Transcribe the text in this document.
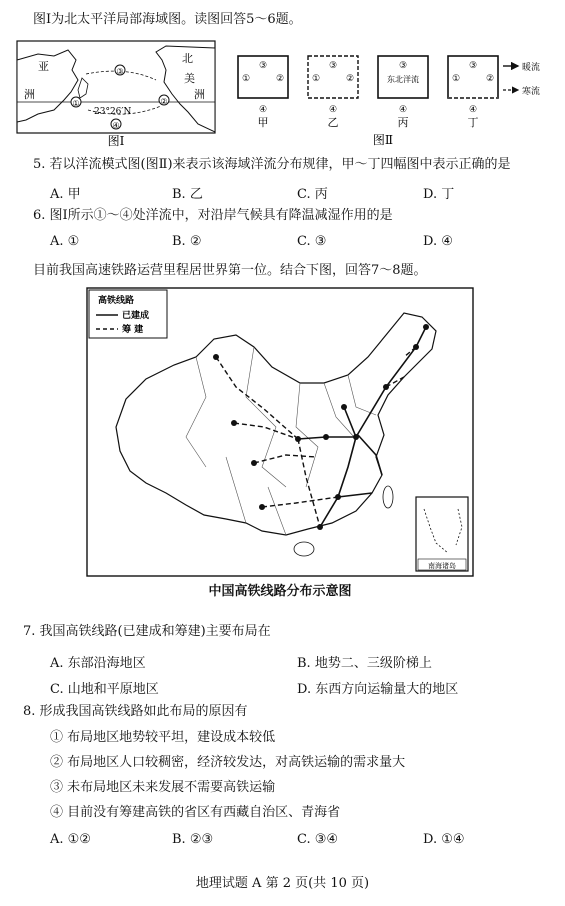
图Ⅰ为北太平洋局部海域图。读图回答5～6题。
①	②
③
④
亚
洲
北
美
洲
23°26′N
图Ⅰ
③
①	②
④
甲
③
①	②
④
乙
③
东北洋流
④
丙
③
①	②
④
丁
暖流
寒流
图Ⅱ
5. 若以洋流模式图(图Ⅱ)来表示该海域洋流分布规律，甲～丁四幅图中表示正确的是
A. 甲	B. 乙	C. 丙	D. 丁
6. 图Ⅰ所示①～④处洋流中，对沿岸气候具有降温减湿作用的是
A. ①	B. ②	C. ③	D. ④
目前我国高速铁路运营里程居世界第一位。结合下图，回答7～8题。
高铁线路
已建成
筹 建
南海诸岛
中国高铁线路分布示意图
7. 我国高铁线路(已建成和筹建)主要布局在
A. 东部沿海地区	B. 地势二、三级阶梯上
C. 山地和平原地区	D. 东西方向运输量大的地区
8. 形成我国高铁线路如此布局的原因有
① 布局地区地势较平坦，建设成本较低
② 布局地区人口较稠密，经济较发达，对高铁运输的需求量大
③ 未布局地区未来发展不需要高铁运输
④ 目前没有筹建高铁的省区有西藏自治区、青海省
A. ①②	B. ②③	C. ③④	D. ①④
地理试题 A 第 2 页(共 10 页)
